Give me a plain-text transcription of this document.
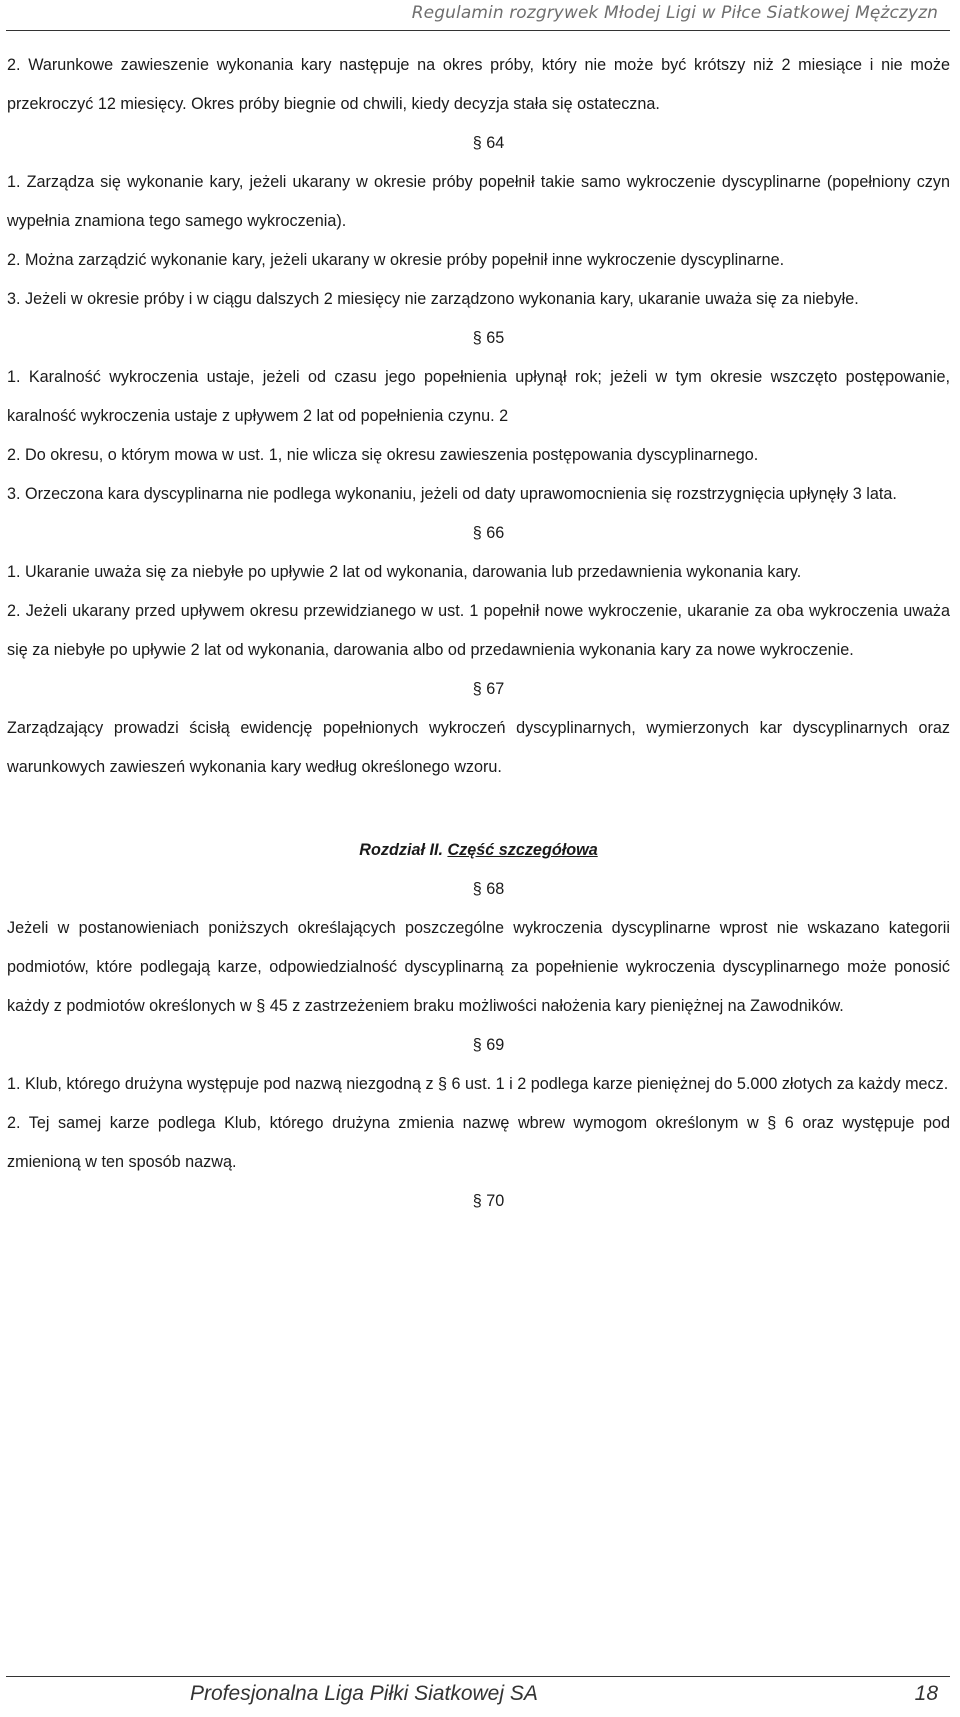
Regulamin rozgrywek Młodej Ligi w Piłce Siatkowej Mężczyzn

2. Warunkowe zawieszenie wykonania kary następuje na okres próby, który nie może być krótszy niż 2 miesiące i nie może przekroczyć 12 miesięcy. Okres próby biegnie od chwili, kiedy decyzja stała się ostateczna.

§ 64

1. Zarządza się wykonanie kary, jeżeli ukarany w okresie próby popełnił takie samo wykroczenie dyscyplinarne (popełniony czyn wypełnia znamiona tego samego wykroczenia).

2. Można zarządzić wykonanie kary, jeżeli ukarany w okresie próby popełnił inne wykroczenie dyscyplinarne.

3. Jeżeli w okresie próby i w ciągu dalszych 2 miesięcy nie zarządzono wykonania kary, ukaranie uważa się za niebyłe.

§ 65

1. Karalność wykroczenia ustaje, jeżeli od czasu jego popełnienia upłynął rok; jeżeli w tym okresie wszczęto postępowanie, karalność wykroczenia ustaje z upływem 2 lat od popełnienia czynu. 2

2. Do okresu, o którym mowa w ust. 1, nie wlicza się okresu zawieszenia postępowania dyscyplinarnego.

3. Orzeczona kara dyscyplinarna nie podlega wykonaniu, jeżeli od daty uprawomocnienia się rozstrzygnięcia upłynęły 3 lata.

§ 66

1. Ukaranie uważa się za niebyłe po upływie 2 lat od wykonania, darowania lub przedawnienia wykonania kary.

2. Jeżeli ukarany przed upływem okresu przewidzianego w ust. 1 popełnił nowe wykroczenie, ukaranie za oba wykroczenia uważa się za niebyłe po upływie 2 lat od wykonania, darowania albo od przedawnienia wykonania kary za nowe wykroczenie.

§ 67

Zarządzający prowadzi ścisłą ewidencję popełnionych wykroczeń dyscyplinarnych, wymierzonych kar dyscyplinarnych oraz warunkowych zawieszeń wykonania kary według określonego wzoru.

Rozdział II. Część szczegółowa

§ 68

Jeżeli w postanowieniach poniższych określających poszczególne wykroczenia dyscyplinarne wprost nie wskazano kategorii podmiotów, które podlegają karze, odpowiedzialność dyscyplinarną za popełnienie wykroczenia dyscyplinarnego może ponosić każdy z podmiotów określonych w § 45 z zastrzeżeniem braku możliwości nałożenia kary pieniężnej na Zawodników.

§ 69

1. Klub, którego drużyna występuje pod nazwą niezgodną z § 6 ust. 1 i 2 podlega karze pieniężnej do 5.000 złotych za każdy mecz.

2. Tej samej karze podlega Klub, którego drużyna zmienia nazwę wbrew wymogom określonym w § 6 oraz występuje pod zmienioną w ten sposób nazwą.

§ 70

Profesjonalna Liga Piłki Siatkowej SA	18
